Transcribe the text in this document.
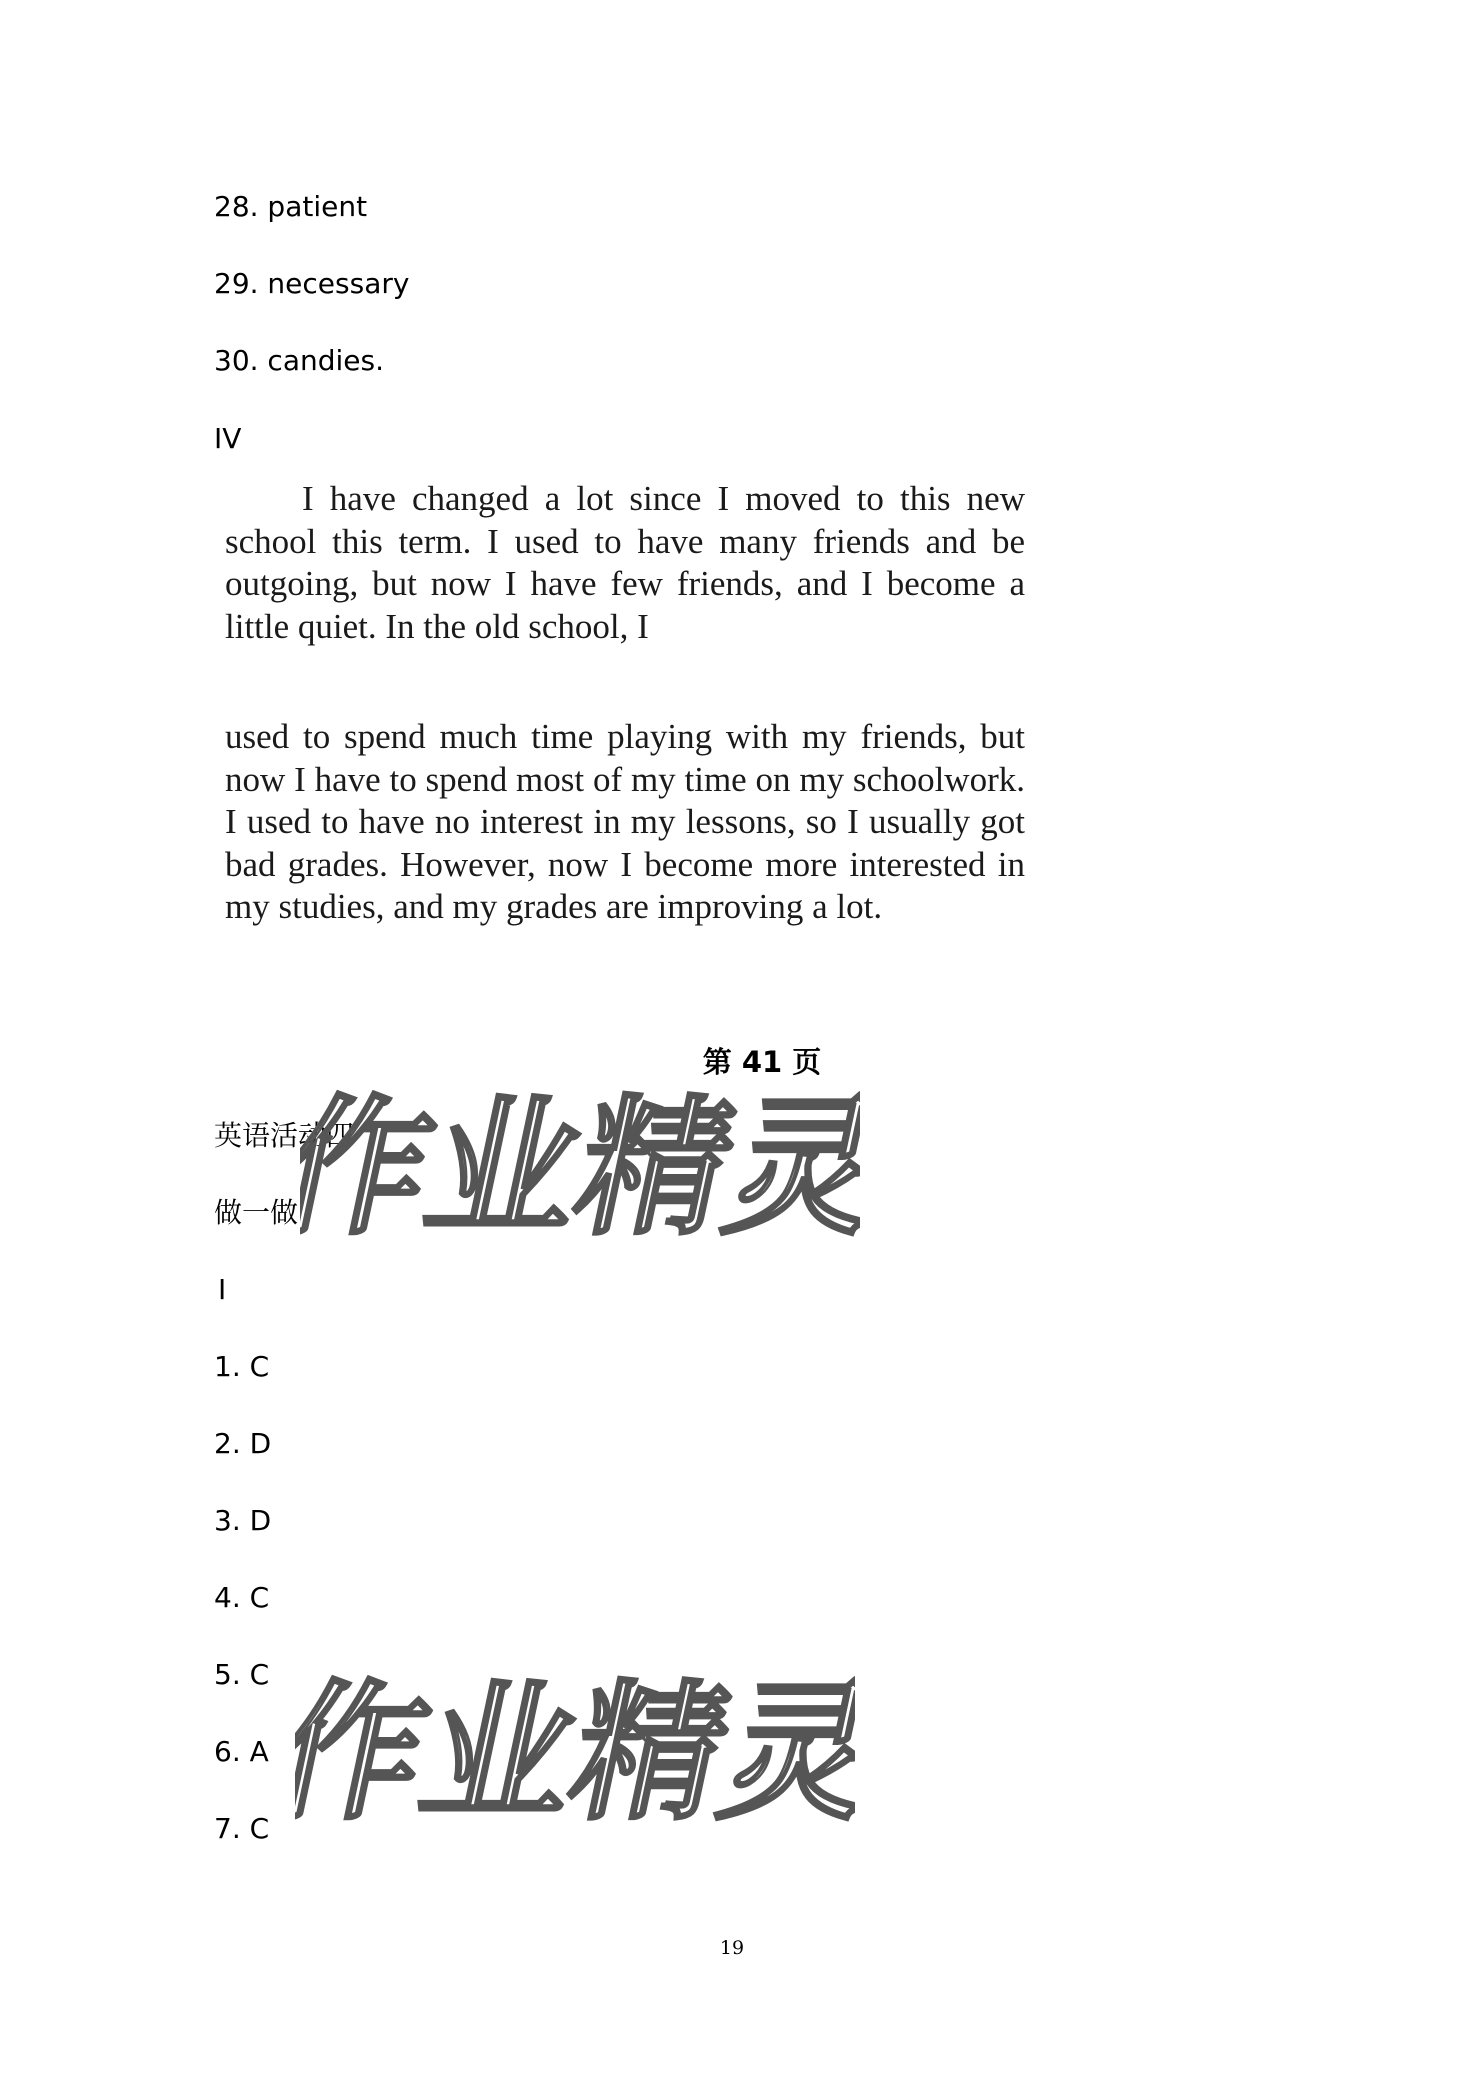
28. patient
29. necessary
30. candies.
IV

I have changed a lot since I moved to this new school this term. I used to have many friends and be outgoing, but now I have few friends, and I become a little quiet. In the old school, I

used to spend much time playing with my friends, but now I have to spend most of my time on my schoolwork. I used to have no interest in my lessons, so I usually got bad grades. However, now I become more interested in my studies, and my grades are improving a lot.

第 41 页
英语活动四
做一做
Ⅰ
1. C
2. D
3. D
4. C
5. C
6. A
7. C
作业精灵
作业精灵
19
